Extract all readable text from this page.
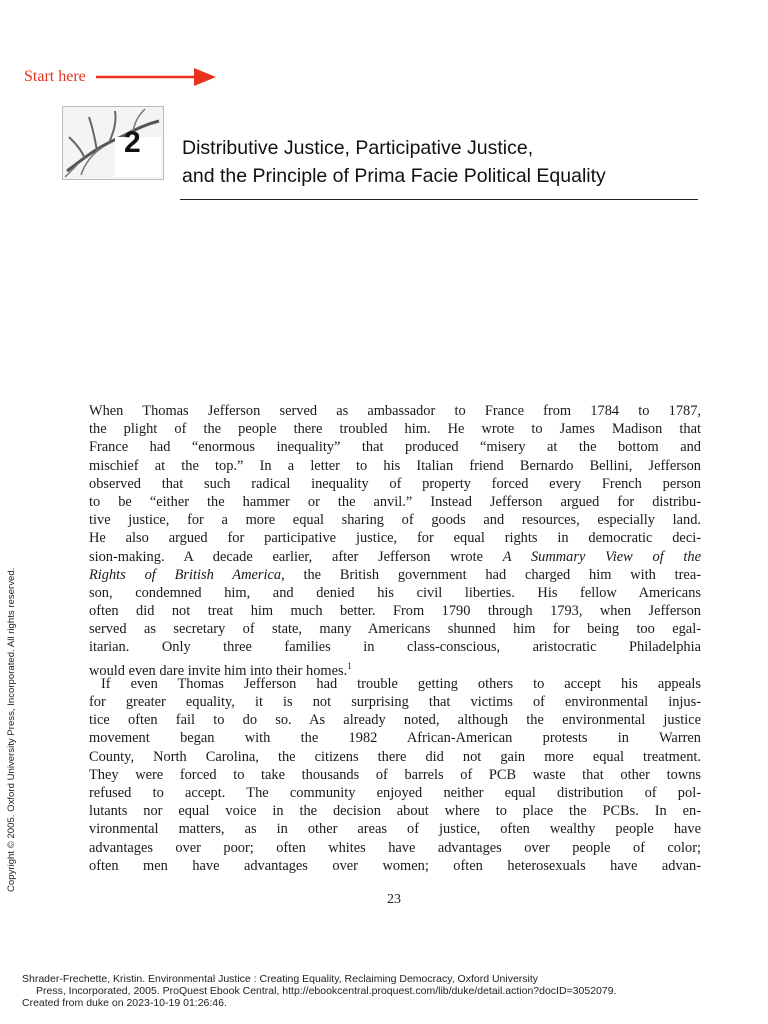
Start here
2 Distributive Justice, Participative Justice,
and the Principle of Prima Facie Political Equality
When Thomas Jefferson served as ambassador to France from 1784 to 1787,
the plight of the people there troubled him. He wrote to James Madison that
France had “enormous inequality” that produced “misery at the bottom and
mischief at the top.” In a letter to his Italian friend Bernardo Bellini, Jefferson
observed that such radical inequality of property forced every French person
to be “either the hammer or the anvil.” Instead Jefferson argued for distribu-
tive justice, for a more equal sharing of goods and resources, especially land.
He also argued for participative justice, for equal rights in democratic deci-
sion-making. A decade earlier, after Jefferson wrote A Summary View of the
Rights of British America, the British government had charged him with trea-
son, condemned him, and denied his civil liberties. His fellow Americans
often did not treat him much better. From 1790 through 1793, when Jefferson
served as secretary of state, many Americans shunned him for being too egal-
itarian. Only three families in class-conscious, aristocratic Philadelphia
would even dare invite him into their homes.$^1$
If even Thomas Jefferson had trouble getting others to accept his appeals
for greater equality, it is not surprising that victims of environmental injus-
tice often fail to do so. As already noted, although the environmental justice
movement began with the 1982 African-American protests in Warren
County, North Carolina, the citizens there did not gain more equal treatment.
They were forced to take thousands of barrels of PCB waste that other towns
refused to accept. The community enjoyed neither equal distribution of pol-
lutants nor equal voice in the decision about where to place the PCBs. In en-
vironmental matters, as in other areas of justice, often wealthy people have
advantages over poor; often whites have advantages over people of color;
often men have advantages over women; often heterosexuals have advan-
Copyright © 2005. Oxford University Press, Incorporated. All rights reserved.
23
Shrader-Frechette, Kristin. Environmental Justice : Creating Equality, Reclaiming Democracy, Oxford University
Press, Incorporated, 2005. ProQuest Ebook Central, http://ebookcentral.proquest.com/lib/duke/detail.action?docID=3052079.
Created from duke on 2023-10-19 01:26:46.
